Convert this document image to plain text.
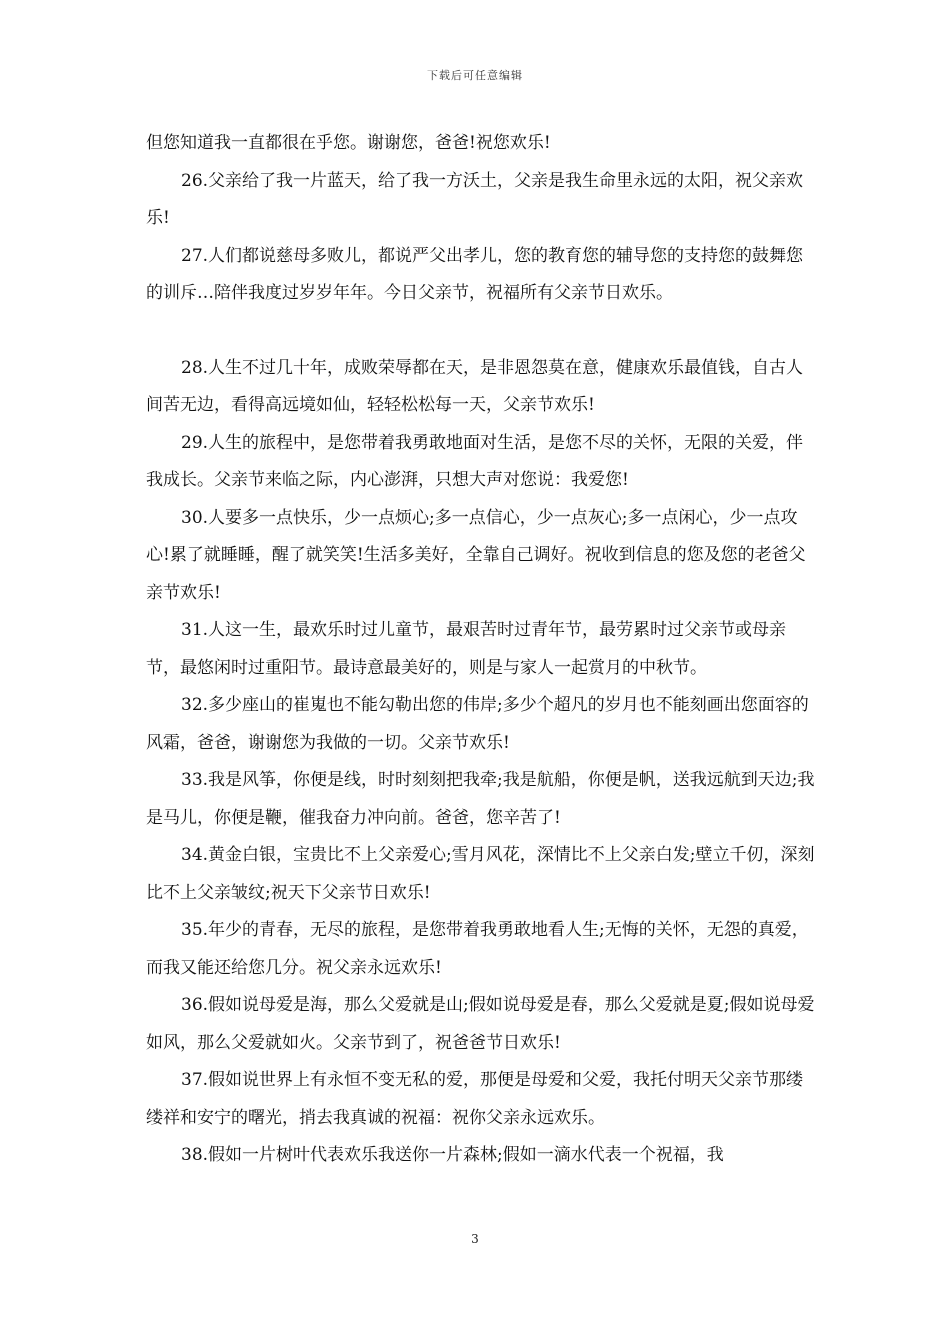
下载后可任意编辑

但您知道我一直都很在乎您。谢谢您，爸爸!祝您欢乐!

26.父亲给了我一片蓝天，给了我一方沃土，父亲是我生命里永远的太阳，祝父亲欢乐!

27.人们都说慈母多败儿，都说严父出孝儿，您的教育您的辅导您的支持您的鼓舞您的训斥…陪伴我度过岁岁年年。今日父亲节，祝福所有父亲节日欢乐。

28.人生不过几十年，成败荣辱都在天，是非恩怨莫在意，健康欢乐最值钱，自古人间苦无边，看得高远境如仙，轻轻松松每一天，父亲节欢乐!

29.人生的旅程中，是您带着我勇敢地面对生活，是您不尽的关怀，无限的关爱，伴我成长。父亲节来临之际，内心澎湃，只想大声对您说：我爱您!

30.人要多一点快乐，少一点烦心;多一点信心，少一点灰心;多一点闲心，少一点攻心!累了就睡睡，醒了就笑笑!生活多美好，全靠自己调好。祝收到信息的您及您的老爸父亲节欢乐!

31.人这一生，最欢乐时过儿童节，最艰苦时过青年节，最劳累时过父亲节或母亲节，最悠闲时过重阳节。最诗意最美好的，则是与家人一起赏月的中秋节。

32.多少座山的崔嵬也不能勾勒出您的伟岸;多少个超凡的岁月也不能刻画出您面容的风霜，爸爸，谢谢您为我做的一切。父亲节欢乐!

33.我是风筝，你便是线，时时刻刻把我牵;我是航船，你便是帆，送我远航到天边;我是马儿，你便是鞭，催我奋力冲向前。爸爸，您辛苦了!

34.黄金白银，宝贵比不上父亲爱心;雪月风花，深情比不上父亲白发;壁立千仞，深刻比不上父亲皱纹;祝天下父亲节日欢乐!

35.年少的青春，无尽的旅程，是您带着我勇敢地看人生;无悔的关怀，无怨的真爱，而我又能还给您几分。祝父亲永远欢乐!

36.假如说母爱是海，那么父爱就是山;假如说母爱是春，那么父爱就是夏;假如说母爱如风，那么父爱就如火。父亲节到了，祝爸爸节日欢乐!

37.假如说世界上有永恒不变无私的爱，那便是母爱和父爱，我托付明天父亲节那缕缕祥和安宁的曙光，捎去我真诚的祝福：祝你父亲永远欢乐。

38.假如一片树叶代表欢乐我送你一片森林;假如一滴水代表一个祝福，我

3
